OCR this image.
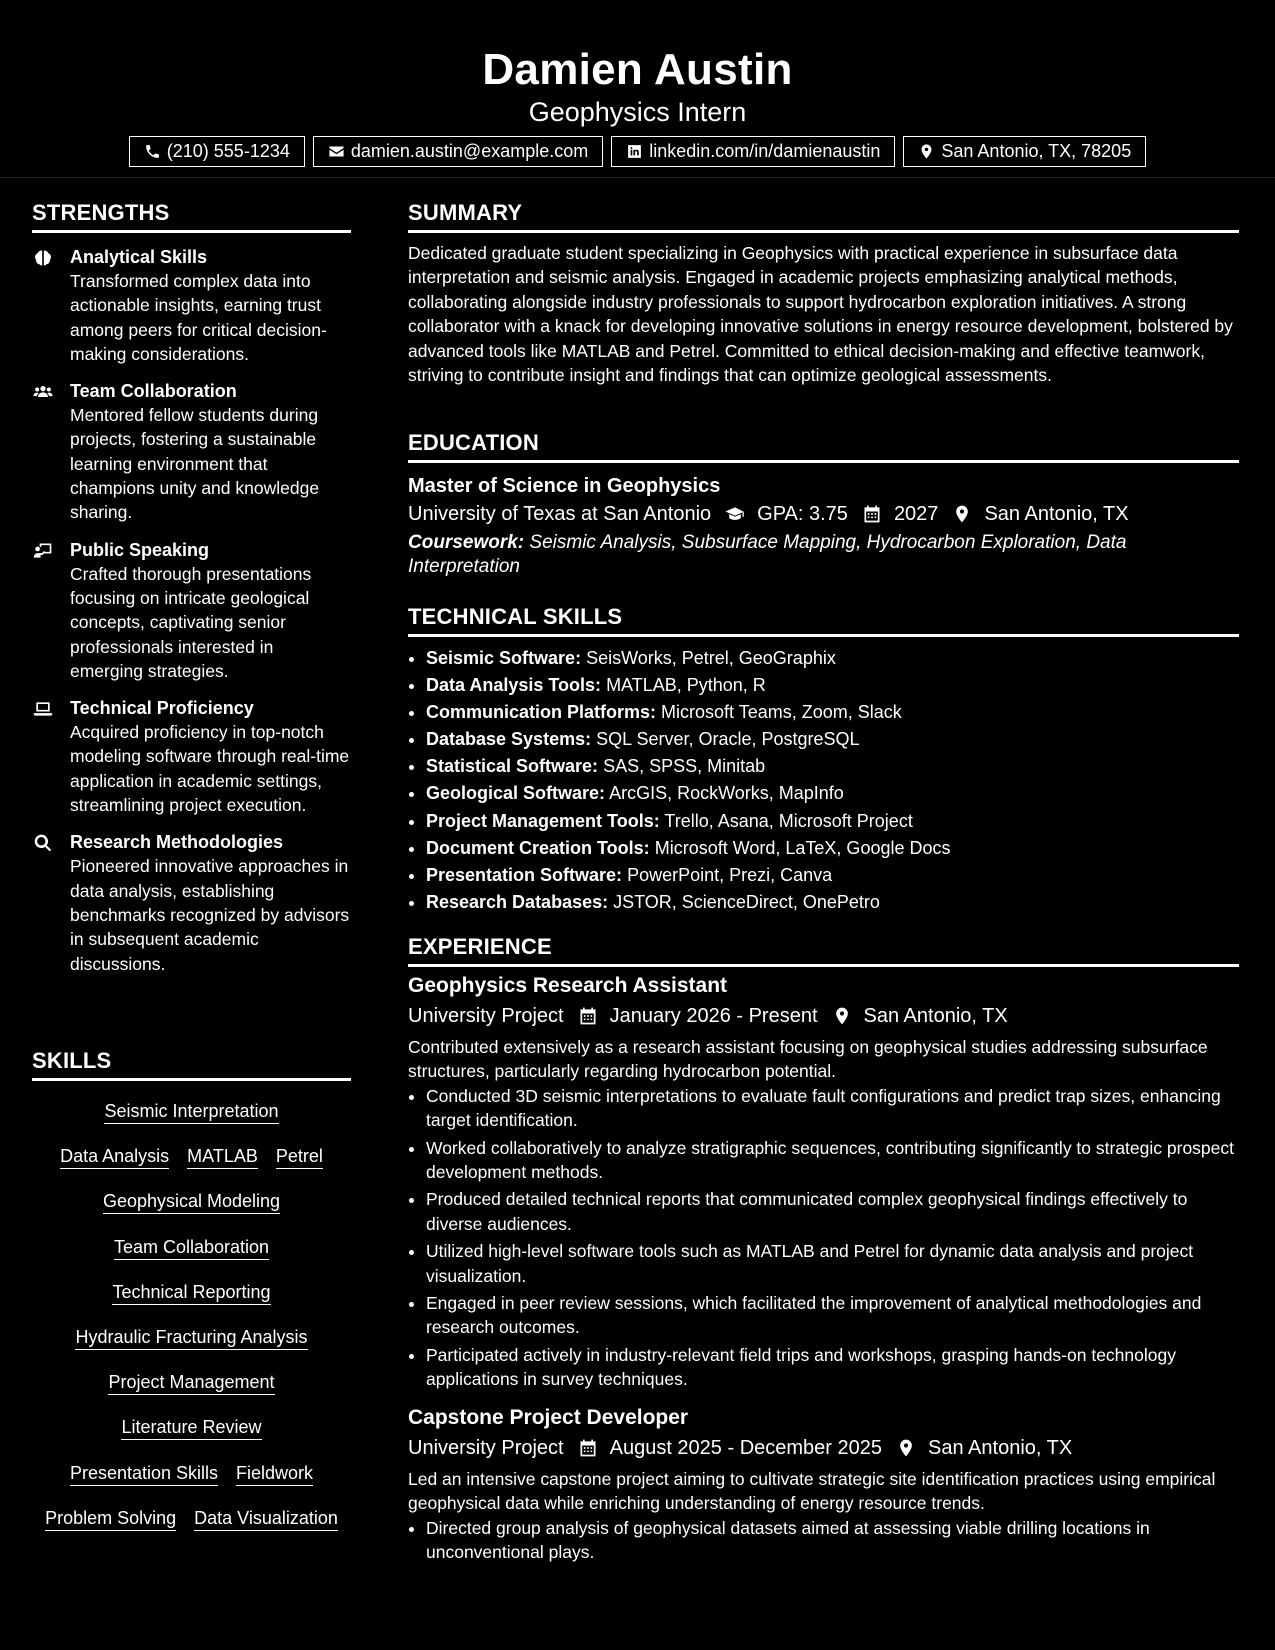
Damien Austin
Geophysics Intern
(210) 555-1234	damien.austin@example.com	linkedin.com/in/damienaustin	San Antonio, TX, 78205
STRENGTHS
Analytical Skills
Transformed complex data into actionable insights, earning trust among peers for critical decision-making considerations.
Team Collaboration
Mentored fellow students during projects, fostering a sustainable learning environment that champions unity and knowledge sharing.
Public Speaking
Crafted thorough presentations focusing on intricate geological concepts, captivating senior professionals interested in emerging strategies.
Technical Proficiency
Acquired proficiency in top-notch modeling software through real-time application in academic settings, streamlining project execution.
Research Methodologies
Pioneered innovative approaches in data analysis, establishing benchmarks recognized by advisors in subsequent academic discussions.
SKILLS
Seismic Interpretation
Data Analysis MATLAB Petrel
Geophysical Modeling
Team Collaboration
Technical Reporting
Hydraulic Fracturing Analysis
Project Management
Literature Review
Presentation Skills Fieldwork
Problem Solving Data Visualization
SUMMARY

Dedicated graduate student specializing in Geophysics with practical experience in subsurface data interpretation and seismic analysis. Engaged in academic projects emphasizing analytical methods, collaborating alongside industry professionals to support hydrocarbon exploration initiatives. A strong collaborator with a knack for developing innovative solutions in energy resource development, bolstered by advanced tools like MATLAB and Petrel. Committed to ethical decision-making and effective teamwork, striving to contribute insight and findings that can optimize geological assessments.

EDUCATION
Master of Science in Geophysics
University of Texas at San Antonio GPA: 3.75 2027 San Antonio, TX
Coursework: Seismic Analysis, Subsurface Mapping, Hydrocarbon Exploration, Data Interpretation
TECHNICAL SKILLS
• Seismic Software: SeisWorks, Petrel, GeoGraphix
• Data Analysis Tools: MATLAB, Python, R
• Communication Platforms: Microsoft Teams, Zoom, Slack
• Database Systems: SQL Server, Oracle, PostgreSQL
• Statistical Software: SAS, SPSS, Minitab
• Geological Software: ArcGIS, RockWorks, MapInfo
• Project Management Tools: Trello, Asana, Microsoft Project
• Document Creation Tools: Microsoft Word, LaTeX, Google Docs
• Presentation Software: PowerPoint, Prezi, Canva
• Research Databases: JSTOR, ScienceDirect, OnePetro
EXPERIENCE
Geophysics Research Assistant
University Project January 2026 - Present San Antonio, TX

Contributed extensively as a research assistant focusing on geophysical studies addressing subsurface structures, particularly regarding hydrocarbon potential.

• Conducted 3D seismic interpretations to evaluate fault configurations and predict trap sizes, enhancing target identification.
• Worked collaboratively to analyze stratigraphic sequences, contributing significantly to strategic prospect development methods.
• Produced detailed technical reports that communicated complex geophysical findings effectively to diverse audiences.
• Utilized high-level software tools such as MATLAB and Petrel for dynamic data analysis and project visualization.
• Engaged in peer review sessions, which facilitated the improvement of analytical methodologies and research outcomes.
• Participated actively in industry-relevant field trips and workshops, grasping hands-on technology applications in survey techniques.
Capstone Project Developer
University Project August 2025 - December 2025 San Antonio, TX

Led an intensive capstone project aiming to cultivate strategic site identification practices using empirical geophysical data while enriching understanding of energy resource trends.

• Directed group analysis of geophysical datasets aimed at assessing viable drilling locations in unconventional plays.
